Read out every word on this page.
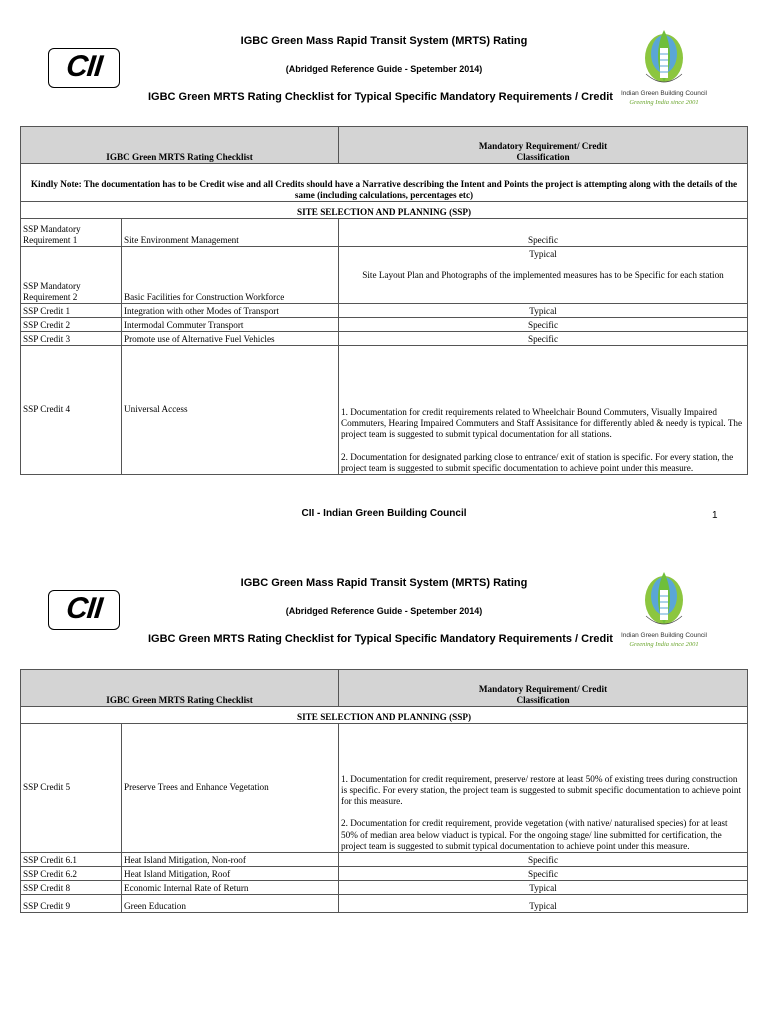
IGBC Green Mass Rapid Transit System (MRTS) Rating
(Abridged Reference Guide - Spetember 2014)
IGBC Green MRTS Rating Checklist for Typical Specific Mandatory Requirements / Credit
CII
Indian Green Building Council
Greening India since 2001
IGBC Green MRTS Rating Checklist		Mandatory Requirement/ Credit
Classification

Kindly Note: The documentation has to be Credit wise and all Credits should have a Narrative describing the Intent and Points the project is attempting along with the details of the same (including calculations, percentages etc)		
SITE SELECTION AND PLANNING (SSP)		
SSP Mandatory Requirement 1	Site Environment Management	Specific
SSP Mandatory Requirement 2	Basic Facilities for Construction Workforce	Typical
Site Layout Plan and Photographs of the implemented measures has to be Specific for each station

SSP Credit 1	Integration with other Modes of Transport	Typical
SSP Credit 2	Intermodal Commuter Transport	Specific
SSP Credit 3	Promote use of Alternative Fuel Vehicles	Specific
SSP Credit 4	Universal Access	1. Documentation for credit requirements related to Wheelchair Bound Commuters, Visually Impaired Commuters, Hearing Impaired Commuters and Staff Assisitance for differently abled & needy is typical. The project team is suggested to submit typical documentation for all stations.

2. Documentation for designated parking close to entrance/ exit of station is specific. For every station, the project team is suggested to submit specific documentation to achieve point under this measure.

CII - Indian Green Building Council	1
IGBC Green Mass Rapid Transit System (MRTS) Rating
(Abridged Reference Guide - Spetember 2014)
IGBC Green MRTS Rating Checklist for Typical Specific Mandatory Requirements / Credit
CII
Indian Green Building Council
Greening India since 2001
IGBC Green MRTS Rating Checklist		Mandatory Requirement/ Credit
Classification

SITE SELECTION AND PLANNING (SSP)		
SSP Credit 5	Preserve Trees and Enhance Vegetation	1. Documentation for credit requirement, preserve/ restore at least 50% of existing trees during construction is specific. For every station, the project team is suggested to submit specific documentation to achieve point for this measure.

2. Documentation for credit requirement, provide vegetation (with native/ naturalised species) for at least 50% of median area below viaduct is typical. For the ongoing stage/ line submitted for certification, the project team is suggested to submit typical documentation to achieve point under this measure.

SSP Credit 6.1	Heat Island Mitigation, Non-roof	Specific
SSP Credit 6.2	Heat Island Mitigation, Roof	Specific
SSP Credit 8	Economic Internal Rate of Return	Typical
SSP Credit 9	Green Education	Typical
